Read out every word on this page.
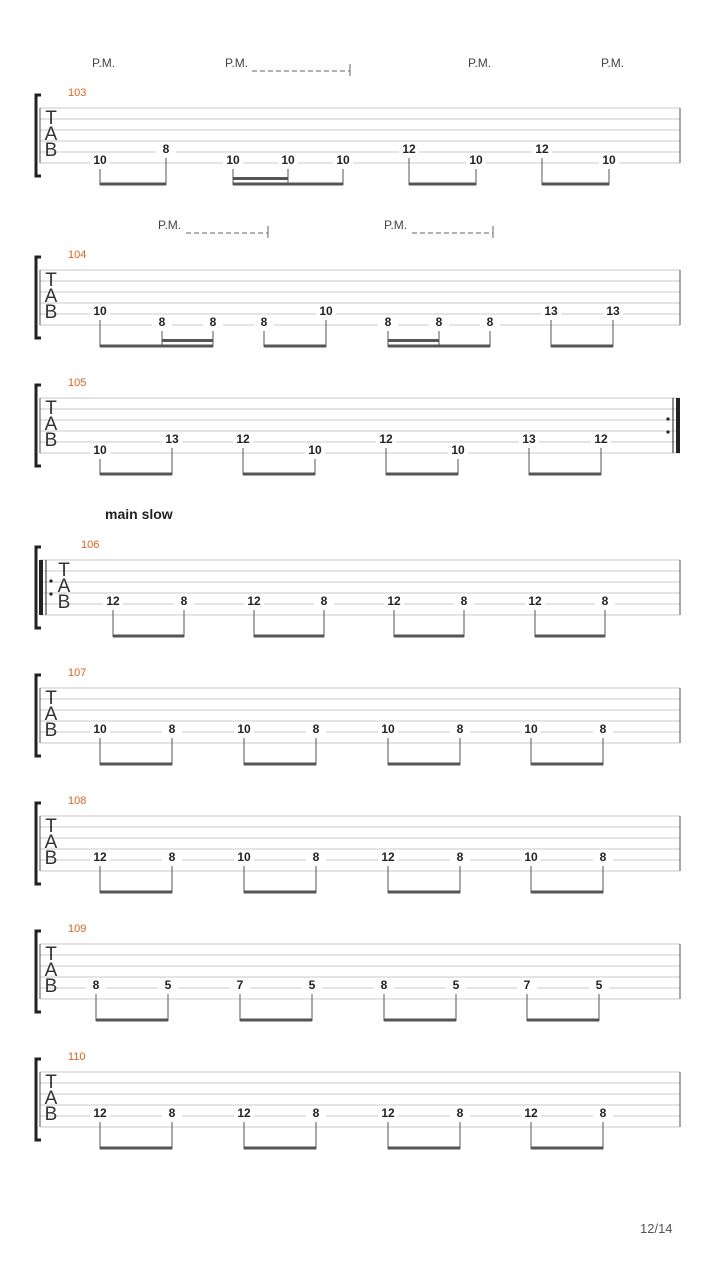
T
A
B
103
P.M.	P.M.	P.M.	P.M.
10
8
10	10	10
12
10
12
10
T
A
B
104
P.M.	P.M.
10
8	8	8
10
8	8	8
13	13
T
A
B
105
10
13	12
10
12
10
13	12
T
A
B
106
main slow
12	8	12	8	12	8	12	8
T
A
B
107
10	8	10	8	10	8	10	8
T
A
B
108
12	8	10	8	12	8	10	8
T
A
B
109
8	5	7	5	8	5	7	5
T
A
B
110
12	8	12	8	12	8	12	8
12/14
